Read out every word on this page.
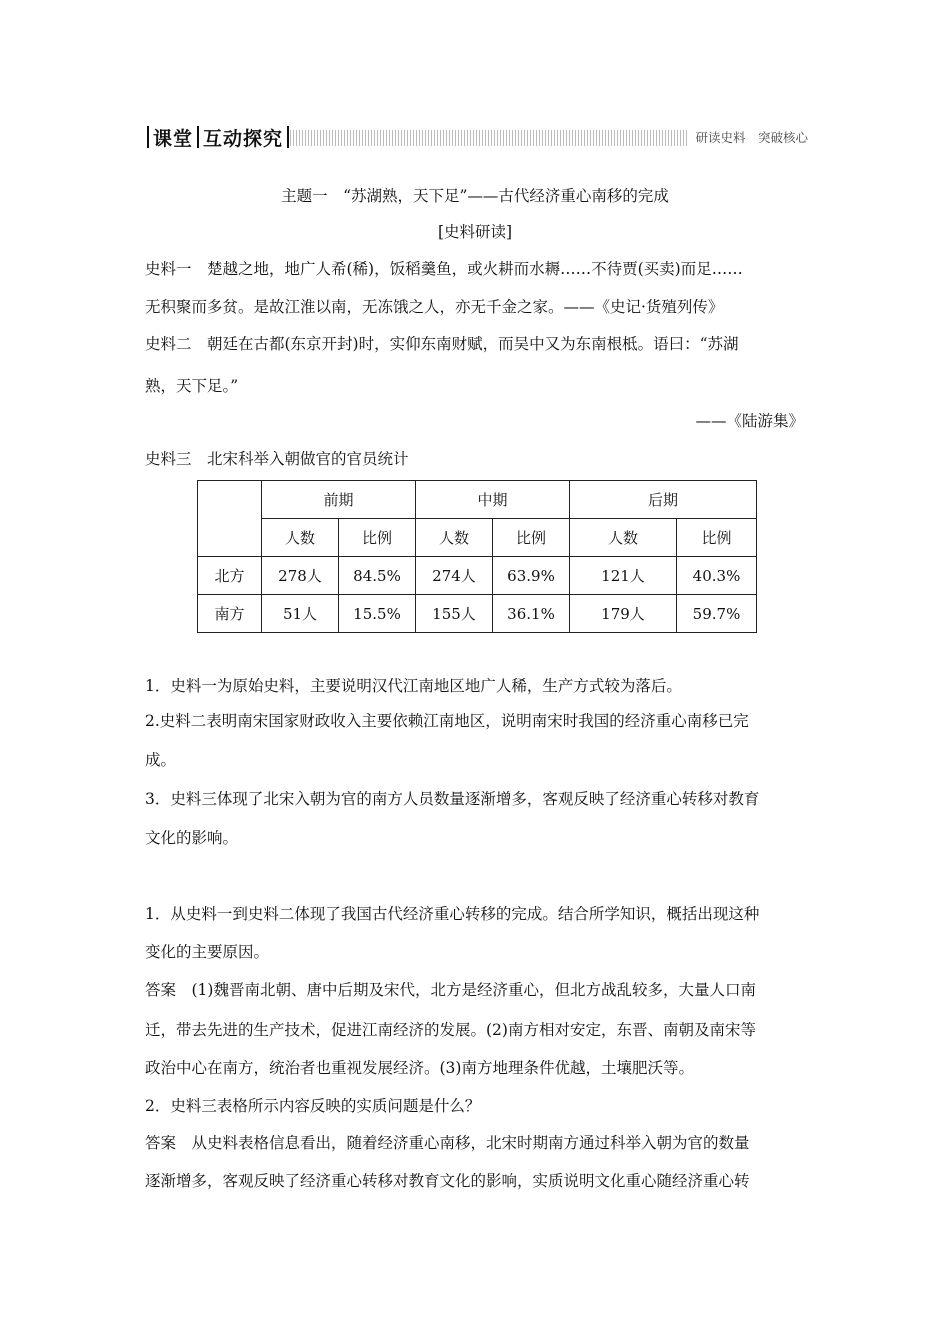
课堂 互动探究	研读史料　突破核心
主题一　“苏湖熟，天下足”——古代经济重心南移的完成
[史料研读]
史料一　楚越之地，地广人希(稀)，饭稻羹鱼，或火耕而水耨……不待贾(买卖)而足……
无积聚而多贫。是故江淮以南，无冻饿之人，亦无千金之家。——《史记·货殖列传》
史料二　朝廷在古都(东京开封)时，实仰东南财赋，而吴中又为东南根柢。语曰：“苏湖
熟，天下足。”
——《陆游集》
史料三　北宋科举入朝做官的官员统计
	前期		中期		后期	
	人数	比例	人数	比例	人数	比例
北方	278人	84.5%	274人	63.9%	121人	40.3%
南方	51人	15.5%	155人	36.1%	179人	59.7%
1．史料一为原始史料，主要说明汉代江南地区地广人稀，生产方式较为落后。
2.史料二表明南宋国家财政收入主要依赖江南地区，说明南宋时我国的经济重心南移已完
成。
3．史料三体现了北宋入朝为官的南方人员数量逐渐增多，客观反映了经济重心转移对教育
文化的影响。
1．从史料一到史料二体现了我国古代经济重心转移的完成。结合所学知识，概括出现这种
变化的主要原因。
答案　(1)魏晋南北朝、唐中后期及宋代，北方是经济重心，但北方战乱较多，大量人口南
迁，带去先进的生产技术，促进江南经济的发展。(2)南方相对安定，东晋、南朝及南宋等
政治中心在南方，统治者也重视发展经济。(3)南方地理条件优越，土壤肥沃等。
2．史料三表格所示内容反映的实质问题是什么？
答案　从史料表格信息看出，随着经济重心南移，北宋时期南方通过科举入朝为官的数量
逐渐增多，客观反映了经济重心转移对教育文化的影响，实质说明文化重心随经济重心转
